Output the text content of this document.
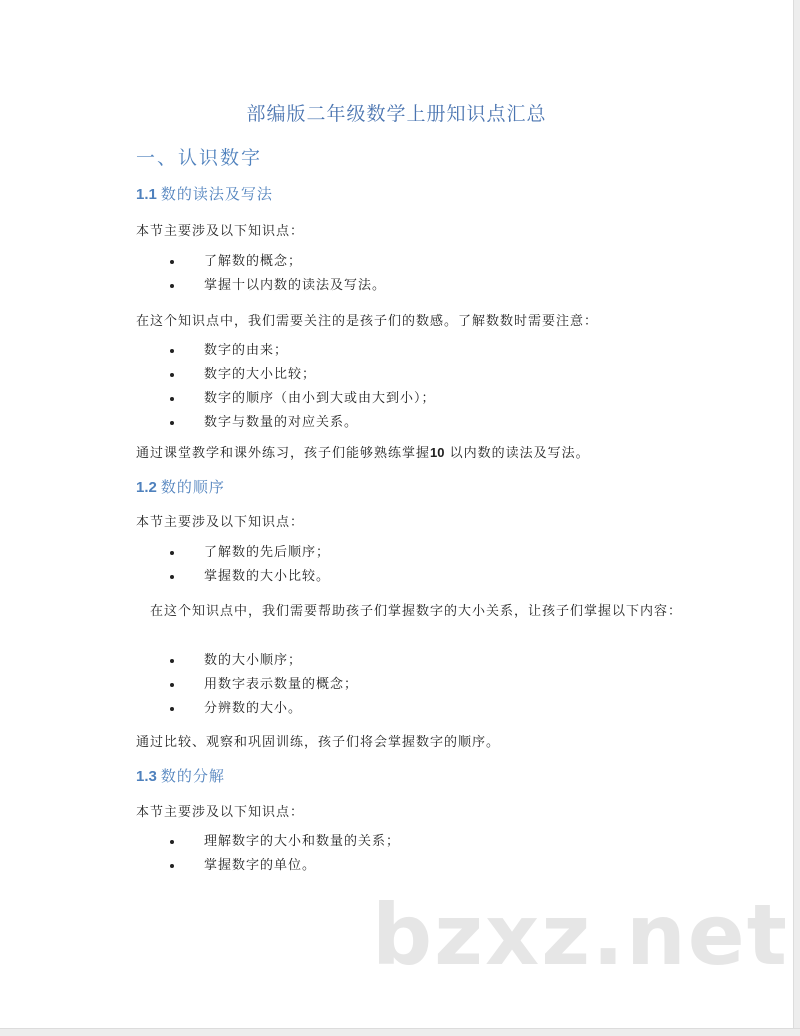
部编版二年级数学上册知识点汇总
一、认识数字
1.1 数的读法及写法
本节主要涉及以下知识点：
了解数的概念；
掌握十以内数的读法及写法。
在这个知识点中，我们需要关注的是孩子们的数感。了解数数时需要注意：
数字的由来；
数字的大小比较；
数字的顺序（由小到大或由大到小）；
数字与数量的对应关系。
通过课堂教学和课外练习，孩子们能够熟练掌握10 以内数的读法及写法。
1.2 数的顺序
本节主要涉及以下知识点：
了解数的先后顺序；
掌握数的大小比较。
在这个知识点中，我们需要帮助孩子们掌握数字的大小关系，让孩子们掌握以下内容：
数的大小顺序；
用数字表示数量的概念；
分辨数的大小。
通过比较、观察和巩固训练，孩子们将会掌握数字的顺序。
1.3 数的分解
本节主要涉及以下知识点：
理解数字的大小和数量的关系；
掌握数字的单位。
bzxz.net
